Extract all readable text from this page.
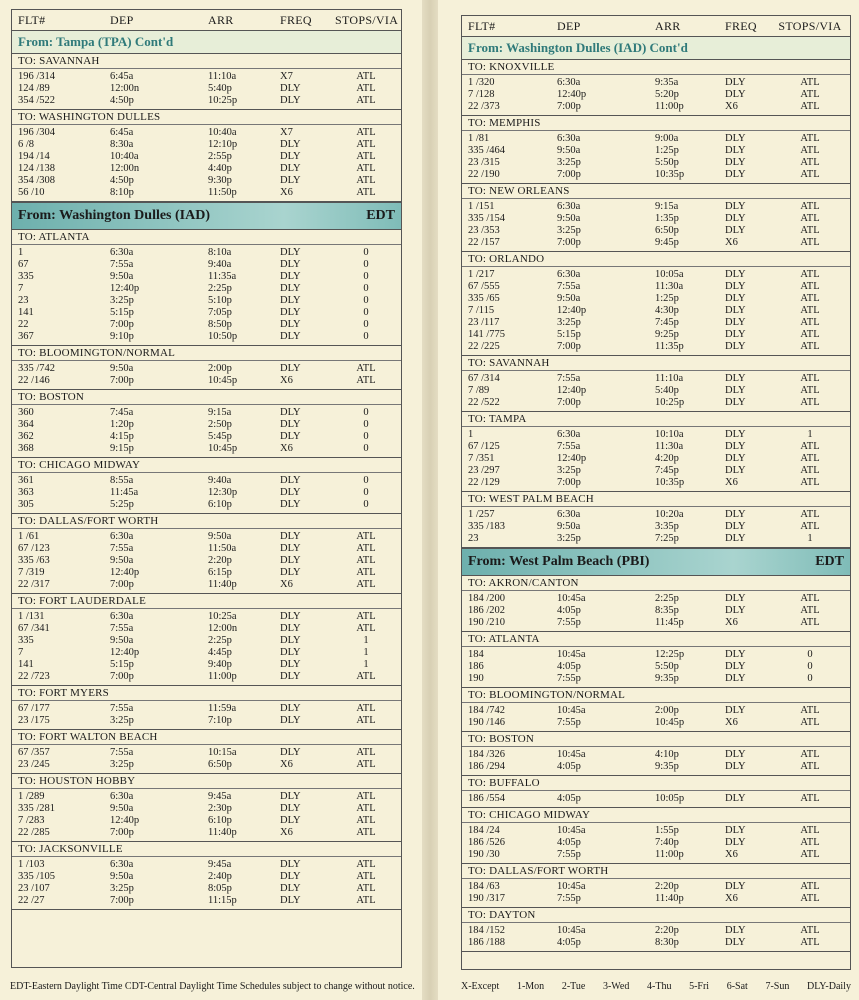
FLT#	DEP	ARR	FREQ	STOPS/VIA
From: Tampa (TPA) Cont'd
TO: SAVANNAH
196 /314	6:45a	11:10a	X7	ATL
124 /89	12:00n	5:40p	DLY	ATL
354 /522	4:50p	10:25p	DLY	ATL
TO: WASHINGTON DULLES
196 /304	6:45a	10:40a	X7	ATL
6 /8	8:30a	12:10p	DLY	ATL
194 /14	10:40a	2:55p	DLY	ATL
124 /138	12:00n	4:40p	DLY	ATL
354 /308	4:50p	9:30p	DLY	ATL
56 /10	8:10p	11:50p	X6	ATL
From: Washington Dulles (IAD)	EDT
TO: ATLANTA
1	6:30a	8:10a	DLY	0
67	7:55a	9:40a	DLY	0
335	9:50a	11:35a	DLY	0
7	12:40p	2:25p	DLY	0
23	3:25p	5:10p	DLY	0
141	5:15p	7:05p	DLY	0
22	7:00p	8:50p	DLY	0
367	9:10p	10:50p	DLY	0
TO: BLOOMINGTON/NORMAL
335 /742	9:50a	2:00p	DLY	ATL
22 /146	7:00p	10:45p	X6	ATL
TO: BOSTON
360	7:45a	9:15a	DLY	0
364	1:20p	2:50p	DLY	0
362	4:15p	5:45p	DLY	0
368	9:15p	10:45p	X6	0
TO: CHICAGO MIDWAY
361	8:55a	9:40a	DLY	0
363	11:45a	12:30p	DLY	0
305	5:25p	6:10p	DLY	0
TO: DALLAS/FORT WORTH
1 /61	6:30a	9:50a	DLY	ATL
67 /123	7:55a	11:50a	DLY	ATL
335 /63	9:50a	2:20p	DLY	ATL
7 /319	12:40p	6:15p	DLY	ATL
22 /317	7:00p	11:40p	X6	ATL
TO: FORT LAUDERDALE
1 /131	6:30a	10:25a	DLY	ATL
67 /341	7:55a	12:00n	DLY	ATL
335	9:50a	2:25p	DLY	1
7	12:40p	4:45p	DLY	1
141	5:15p	9:40p	DLY	1
22 /723	7:00p	11:00p	DLY	ATL
TO: FORT MYERS
67 /177	7:55a	11:59a	DLY	ATL
23 /175	3:25p	7:10p	DLY	ATL
TO: FORT WALTON BEACH
67 /357	7:55a	10:15a	DLY	ATL
23 /245	3:25p	6:50p	X6	ATL
TO: HOUSTON HOBBY
1 /289	6:30a	9:45a	DLY	ATL
335 /281	9:50a	2:30p	DLY	ATL
7 /283	12:40p	6:10p	DLY	ATL
22 /285	7:00p	11:40p	X6	ATL
TO: JACKSONVILLE
1 /103	6:30a	9:45a	DLY	ATL
335 /105	9:50a	2:40p	DLY	ATL
23 /107	3:25p	8:05p	DLY	ATL
22 /27	7:00p	11:15p	DLY	ATL
EDT-Eastern Daylight Time CDT-Central Daylight Time Schedules subject to change without notice.
FLT#	DEP	ARR	FREQ	STOPS/VIA
From: Washington Dulles (IAD) Cont'd
TO: KNOXVILLE
1 /320	6:30a	9:35a	DLY	ATL
7 /128	12:40p	5:20p	DLY	ATL
22 /373	7:00p	11:00p	X6	ATL
TO: MEMPHIS
1 /81	6:30a	9:00a	DLY	ATL
335 /464	9:50a	1:25p	DLY	ATL
23 /315	3:25p	5:50p	DLY	ATL
22 /190	7:00p	10:35p	DLY	ATL
TO: NEW ORLEANS
1 /151	6:30a	9:15a	DLY	ATL
335 /154	9:50a	1:35p	DLY	ATL
23 /353	3:25p	6:50p	DLY	ATL
22 /157	7:00p	9:45p	X6	ATL
TO: ORLANDO
1 /217	6:30a	10:05a	DLY	ATL
67 /555	7:55a	11:30a	DLY	ATL
335 /65	9:50a	1:25p	DLY	ATL
7 /115	12:40p	4:30p	DLY	ATL
23 /117	3:25p	7:45p	DLY	ATL
141 /775	5:15p	9:25p	DLY	ATL
22 /225	7:00p	11:35p	DLY	ATL
TO: SAVANNAH
67 /314	7:55a	11:10a	DLY	ATL
7 /89	12:40p	5:40p	DLY	ATL
22 /522	7:00p	10:25p	DLY	ATL
TO: TAMPA
1	6:30a	10:10a	DLY	1
67 /125	7:55a	11:30a	DLY	ATL
7 /351	12:40p	4:20p	DLY	ATL
23 /297	3:25p	7:45p	DLY	ATL
22 /129	7:00p	10:35p	X6	ATL
TO: WEST PALM BEACH
1 /257	6:30a	10:20a	DLY	ATL
335 /183	9:50a	3:35p	DLY	ATL
23	3:25p	7:25p	DLY	1
From: West Palm Beach (PBI)	EDT
TO: AKRON/CANTON
184 /200	10:45a	2:25p	DLY	ATL
186 /202	4:05p	8:35p	DLY	ATL
190 /210	7:55p	11:45p	X6	ATL
TO: ATLANTA
184	10:45a	12:25p	DLY	0
186	4:05p	5:50p	DLY	0
190	7:55p	9:35p	DLY	0
TO: BLOOMINGTON/NORMAL
184 /742	10:45a	2:00p	DLY	ATL
190 /146	7:55p	10:45p	X6	ATL
TO: BOSTON
184 /326	10:45a	4:10p	DLY	ATL
186 /294	4:05p	9:35p	DLY	ATL
TO: BUFFALO
186 /554	4:05p	10:05p	DLY	ATL
TO: CHICAGO MIDWAY
184 /24	10:45a	1:55p	DLY	ATL
186 /526	4:05p	7:40p	DLY	ATL
190 /30	7:55p	11:00p	X6	ATL
TO: DALLAS/FORT WORTH
184 /63	10:45a	2:20p	DLY	ATL
190 /317	7:55p	11:40p	X6	ATL
TO: DAYTON
184 /152	10:45a	2:20p	DLY	ATL
186 /188	4:05p	8:30p	DLY	ATL
X-Except 1-Mon 2-Tue 3-Wed 4-Thu 5-Fri 6-Sat 7-Sun DLY-Daily
